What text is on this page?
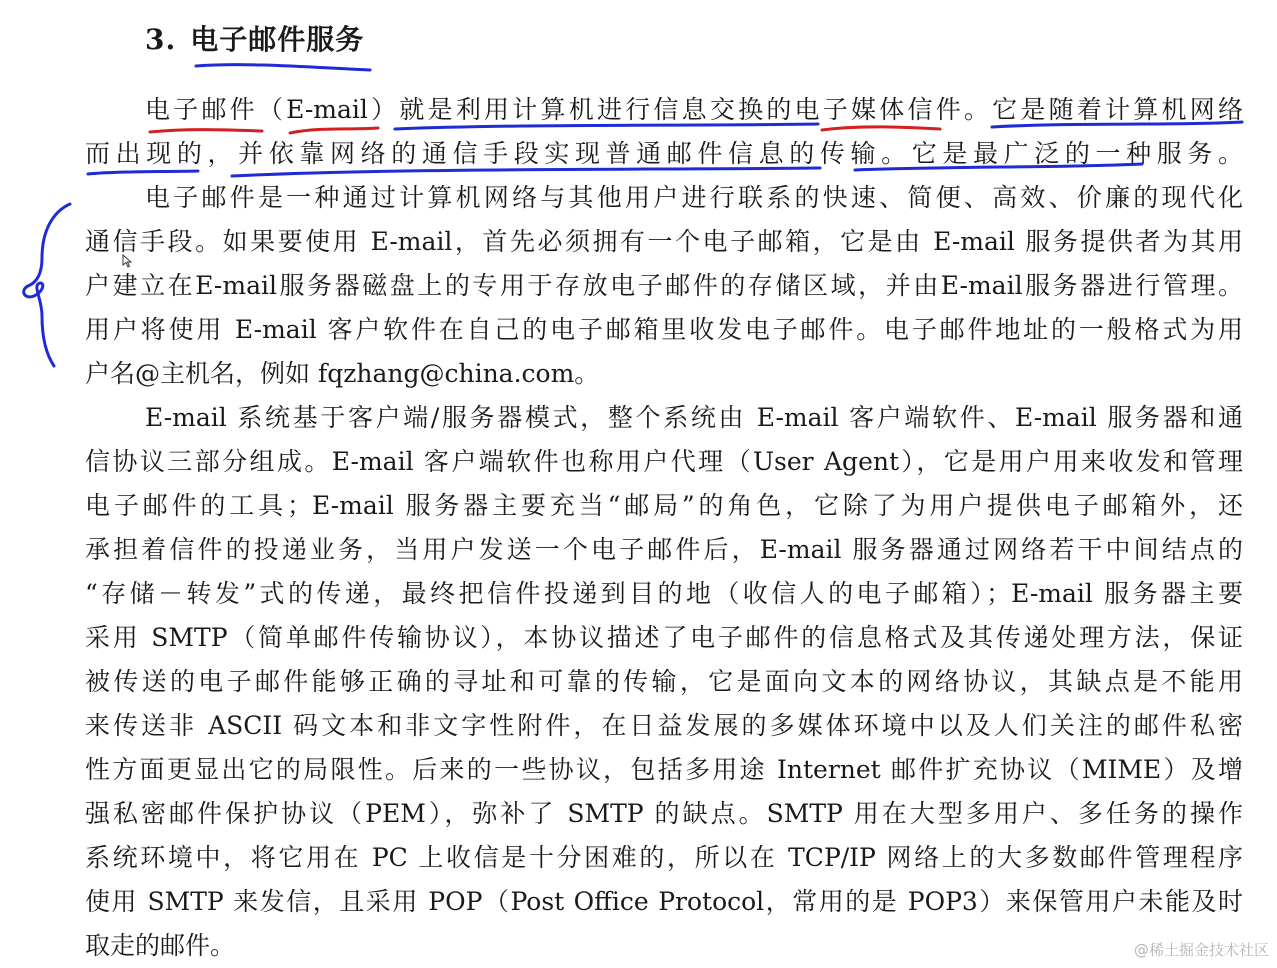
3. 电子邮件服务
电子邮件（E-mail）就是利用计算机进行信息交换的电子媒体信件。它是随着计算机网络
而出现的，并依靠网络的通信手段实现普通邮件信息的传输。它是最广泛的一种服务。
电子邮件是一种通过计算机网络与其他用户进行联系的快速、简便、高效、价廉的现代化
通信手段。如果要使用 E-mail，首先必须拥有一个电子邮箱，它是由 E-mail 服务提供者为其用
户建立在E-mail服务器磁盘上的专用于存放电子邮件的存储区域，并由E-mail服务器进行管理。
用户将使用 E-mail 客户软件在自己的电子邮箱里收发电子邮件。电子邮件地址的一般格式为用
户名@主机名，例如 fqzhang@china.com。
E-mail 系统基于客户端/服务器模式，整个系统由 E-mail 客户端软件、E-mail 服务器和通
信协议三部分组成。E-mail 客户端软件也称用户代理（User Agent），它是用户用来收发和管理
电子邮件的工具；E-mail 服务器主要充当“邮局”的角色，它除了为用户提供电子邮箱外，还
承担着信件的投递业务，当用户发送一个电子邮件后，E-mail 服务器通过网络若干中间结点的
“存储－转发”式的传递，最终把信件投递到目的地（收信人的电子邮箱）；E-mail 服务器主要
采用 SMTP（简单邮件传输协议），本协议描述了电子邮件的信息格式及其传递处理方法，保证
被传送的电子邮件能够正确的寻址和可靠的传输，它是面向文本的网络协议，其缺点是不能用
来传送非 ASCII 码文本和非文字性附件，在日益发展的多媒体环境中以及人们关注的邮件私密
性方面更显出它的局限性。后来的一些协议，包括多用途 Internet 邮件扩充协议（MIME）及增
强私密邮件保护协议（PEM），弥补了 SMTP 的缺点。SMTP 用在大型多用户、多任务的操作
系统环境中，将它用在 PC 上收信是十分困难的，所以在 TCP/IP 网络上的大多数邮件管理程序
使用 SMTP 来发信，且采用 POP（Post Office Protocol，常用的是 POP3）来保管用户未能及时
取走的邮件。	@稀土掘金技术社区
